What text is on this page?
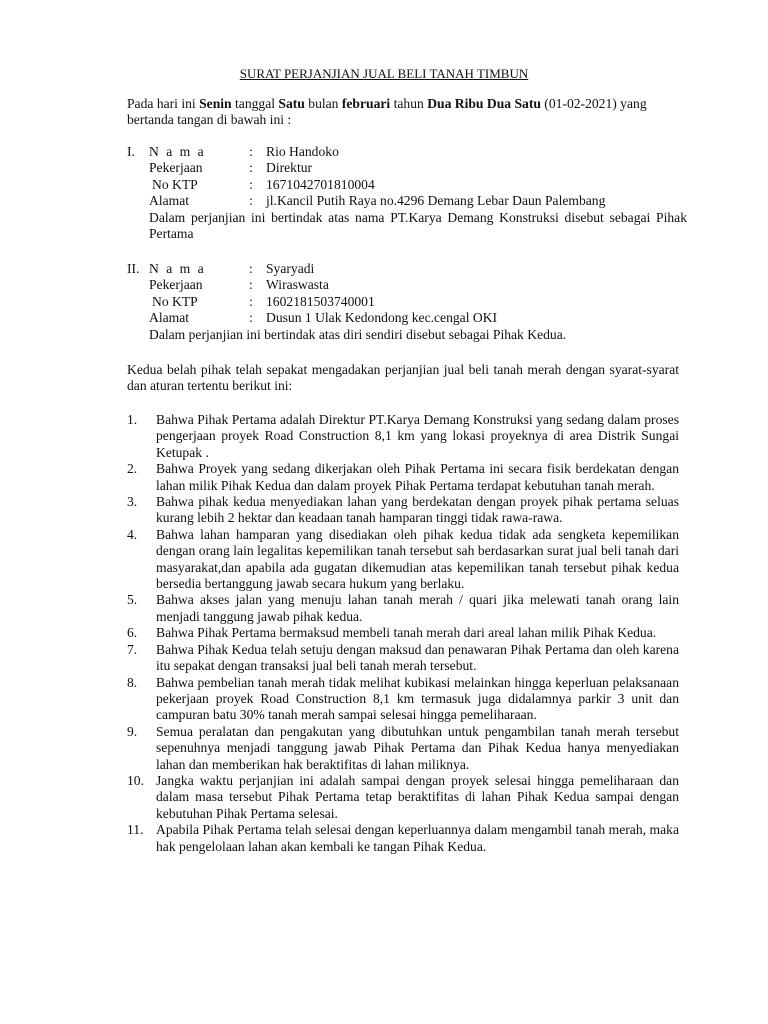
SURAT PERJANJIAN JUAL BELI TANAH TIMBUN
Pada hari ini Senin tanggal Satu bulan februari tahun Dua Ribu Dua Satu (01-02-2021) yang bertanda tangan di bawah ini :
I. N a m a	: Rio Handoko
Pekerjaan	: Direktur
No KTP	: 1671042701810004
Alamat	: jl.Kancil Putih Raya no.4296 Demang Lebar Daun Palembang
Dalam perjanjian ini bertindak atas nama PT.Karya Demang Konstruksi disebut sebagai Pihak Pertama
II. N a m a	: Syaryadi
Pekerjaan	: Wiraswasta
No KTP	: 1602181503740001
Alamat	: Dusun 1 Ulak Kedondong kec.cengal OKI
Dalam perjanjian ini bertindak atas diri sendiri disebut sebagai Pihak Kedua.
Kedua belah pihak telah sepakat mengadakan perjanjian jual beli tanah merah dengan syarat-syarat dan aturan tertentu berikut ini:
1. Bahwa Pihak Pertama adalah Direktur PT.Karya Demang Konstruksi yang sedang dalam proses pengerjaan proyek Road Construction 8,1 km yang lokasi proyeknya di area Distrik Sungai Ketupak .
2. Bahwa Proyek yang sedang dikerjakan oleh Pihak Pertama ini secara fisik berdekatan dengan lahan milik Pihak Kedua dan dalam proyek Pihak Pertama terdapat kebutuhan tanah merah.
3. Bahwa pihak kedua menyediakan lahan yang berdekatan dengan proyek pihak pertama seluas kurang lebih 2 hektar dan keadaan tanah hamparan tinggi tidak rawa-rawa.
4. Bahwa lahan hamparan yang disediakan oleh pihak kedua tidak ada sengketa kepemilikan dengan orang lain legalitas kepemilikan tanah tersebut sah berdasarkan surat jual beli tanah dari masyarakat,dan apabila ada gugatan dikemudian atas kepemilikan tanah tersebut pihak kedua bersedia bertanggung jawab secara hukum yang berlaku.
5. Bahwa akses jalan yang menuju lahan tanah merah / quari jika melewati tanah orang lain menjadi tanggung jawab pihak kedua.
6. Bahwa Pihak Pertama bermaksud membeli tanah merah dari areal lahan milik Pihak Kedua.
7. Bahwa Pihak Kedua telah setuju dengan maksud dan penawaran Pihak Pertama dan oleh karena itu sepakat dengan transaksi jual beli tanah merah tersebut.
8. Bahwa pembelian tanah merah tidak melihat kubikasi melainkan hingga keperluan pelaksanaan pekerjaan proyek Road Construction 8,1 km termasuk juga didalamnya parkir 3 unit dan campuran batu 30% tanah merah sampai selesai hingga pemeliharaan.
9. Semua peralatan dan pengakutan yang dibutuhkan untuk pengambilan tanah merah tersebut sepenuhnya menjadi tanggung jawab Pihak Pertama dan Pihak Kedua hanya menyediakan lahan dan memberikan hak beraktifitas di lahan miliknya.
10. Jangka waktu perjanjian ini adalah sampai dengan proyek selesai hingga pemeliharaan dan dalam masa tersebut Pihak Pertama tetap beraktifitas di lahan Pihak Kedua sampai dengan kebutuhan Pihak Pertama selesai.
11. Apabila Pihak Pertama telah selesai dengan keperluannya dalam mengambil tanah merah, maka hak pengelolaan lahan akan kembali ke tangan Pihak Kedua.
